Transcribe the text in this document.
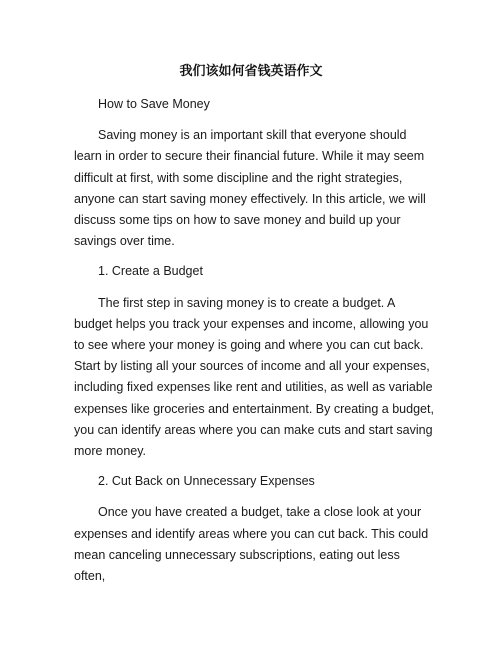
我们该如何省钱英语作文

How to Save Money

Saving money is an important skill that everyone should learn in order to secure their financial future. While it may seem difficult at first, with some discipline and the right strategies, anyone can start saving money effectively. In this article, we will discuss some tips on how to save money and build up your savings over time.

1. Create a Budget

The first step in saving money is to create a budget. A budget helps you track your expenses and income, allowing you to see where your money is going and where you can cut back. Start by listing all your sources of income and all your expenses, including fixed expenses like rent and utilities, as well as variable expenses like groceries and entertainment. By creating a budget, you can identify areas where you can make cuts and start saving more money.

2. Cut Back on Unnecessary Expenses

Once you have created a budget, take a close look at your expenses and identify areas where you can cut back. This could mean canceling unnecessary subscriptions, eating out less often,
